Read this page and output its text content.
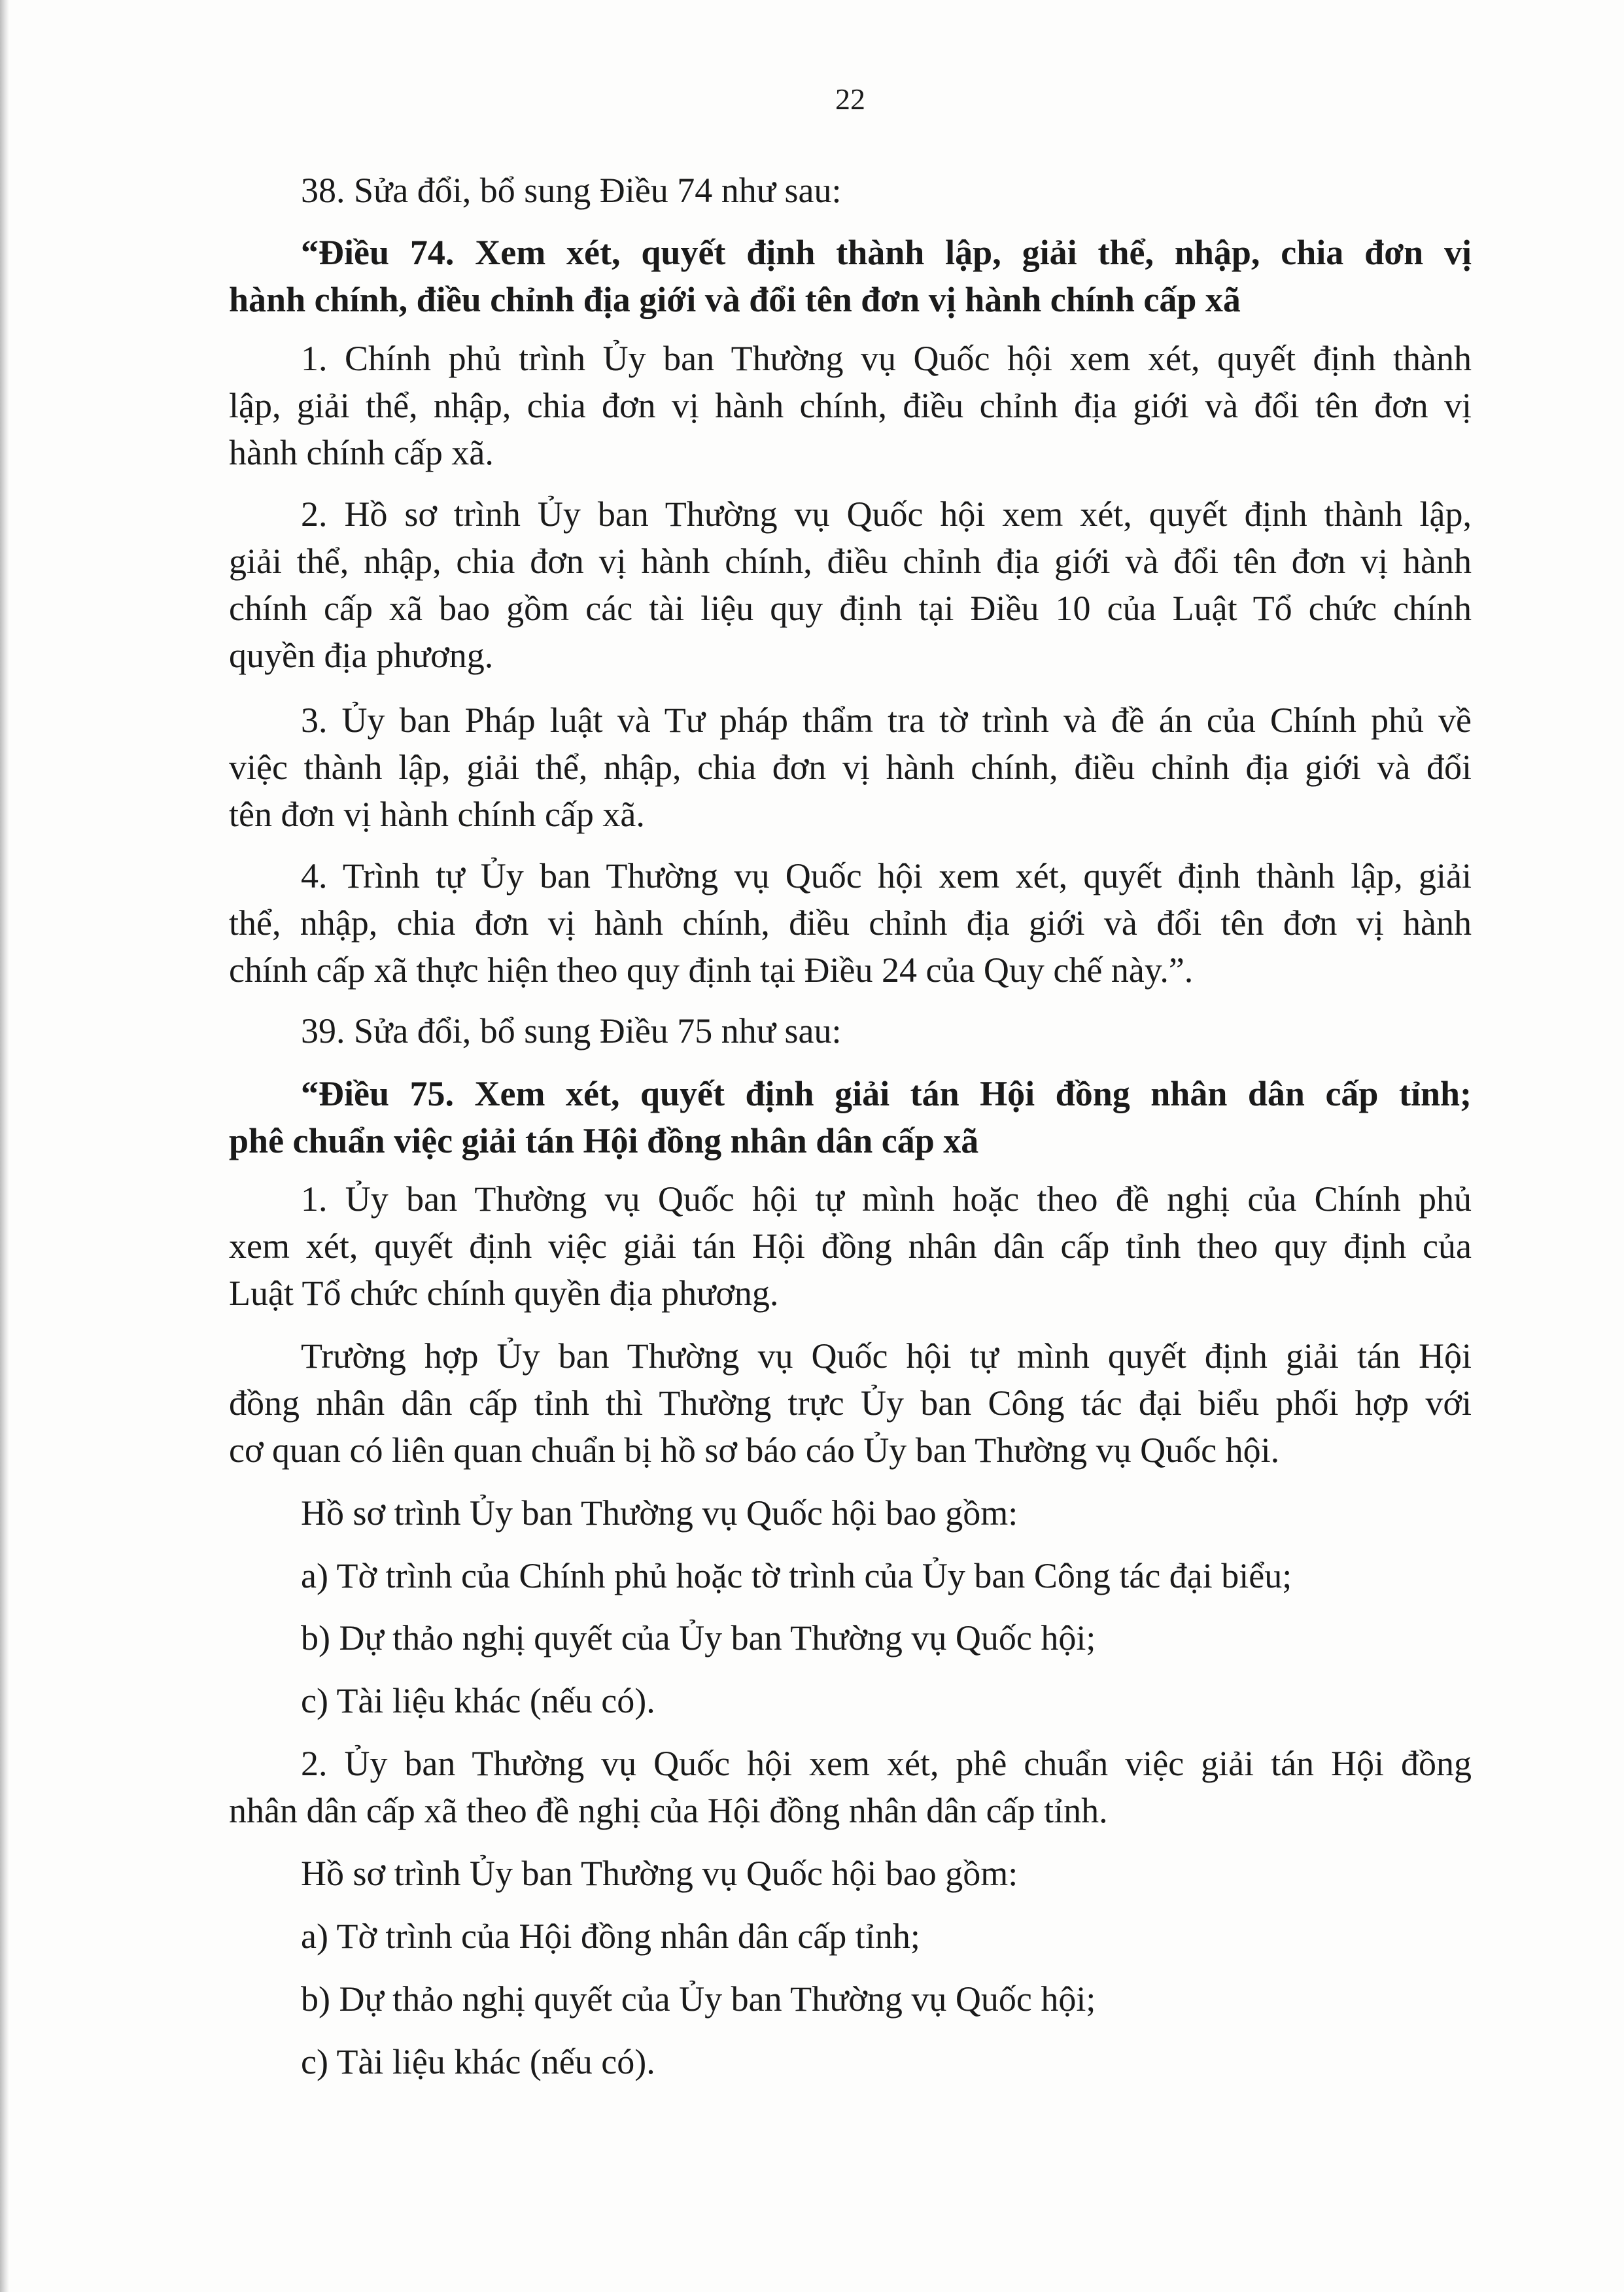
22
38. Sửa đổi, bổ sung Điều 74 như sau:
“Điều 74. Xem xét, quyết định thành lập, giải thể, nhập, chia đơn vị
hành chính, điều chỉnh địa giới và đổi tên đơn vị hành chính cấp xã
1. Chính phủ trình Ủy ban Thường vụ Quốc hội xem xét, quyết định thành
lập, giải thể, nhập, chia đơn vị hành chính, điều chỉnh địa giới và đổi tên đơn vị
hành chính cấp xã.
2. Hồ sơ trình Ủy ban Thường vụ Quốc hội xem xét, quyết định thành lập,
giải thể, nhập, chia đơn vị hành chính, điều chỉnh địa giới và đổi tên đơn vị hành
chính cấp xã bao gồm các tài liệu quy định tại Điều 10 của Luật Tổ chức chính
quyền địa phương.
3. Ủy ban Pháp luật và Tư pháp thẩm tra tờ trình và đề án của Chính phủ về
việc thành lập, giải thể, nhập, chia đơn vị hành chính, điều chỉnh địa giới và đổi
tên đơn vị hành chính cấp xã.
4. Trình tự Ủy ban Thường vụ Quốc hội xem xét, quyết định thành lập, giải
thể, nhập, chia đơn vị hành chính, điều chỉnh địa giới và đổi tên đơn vị hành
chính cấp xã thực hiện theo quy định tại Điều 24 của Quy chế này.”.
39. Sửa đổi, bổ sung Điều 75 như sau:
“Điều 75. Xem xét, quyết định giải tán Hội đồng nhân dân cấp tỉnh;
phê chuẩn việc giải tán Hội đồng nhân dân cấp xã
1. Ủy ban Thường vụ Quốc hội tự mình hoặc theo đề nghị của Chính phủ
xem xét, quyết định việc giải tán Hội đồng nhân dân cấp tỉnh theo quy định của
Luật Tổ chức chính quyền địa phương.
Trường hợp Ủy ban Thường vụ Quốc hội tự mình quyết định giải tán Hội
đồng nhân dân cấp tỉnh thì Thường trực Ủy ban Công tác đại biểu phối hợp với
cơ quan có liên quan chuẩn bị hồ sơ báo cáo Ủy ban Thường vụ Quốc hội.
Hồ sơ trình Ủy ban Thường vụ Quốc hội bao gồm:
a) Tờ trình của Chính phủ hoặc tờ trình của Ủy ban Công tác đại biểu;
b) Dự thảo nghị quyết của Ủy ban Thường vụ Quốc hội;
c) Tài liệu khác (nếu có).
2. Ủy ban Thường vụ Quốc hội xem xét, phê chuẩn việc giải tán Hội đồng
nhân dân cấp xã theo đề nghị của Hội đồng nhân dân cấp tỉnh.
Hồ sơ trình Ủy ban Thường vụ Quốc hội bao gồm:
a) Tờ trình của Hội đồng nhân dân cấp tỉnh;
b) Dự thảo nghị quyết của Ủy ban Thường vụ Quốc hội;
c) Tài liệu khác (nếu có).
